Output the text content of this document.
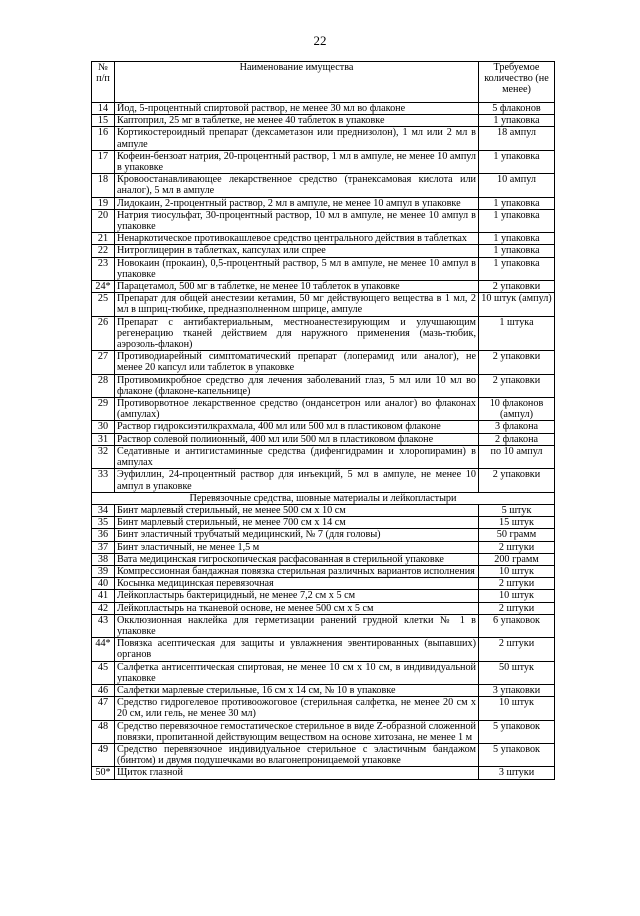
22
№ п/п	Наименование имущества	Требуемое количество (не менее)
14	Йод, 5-процентный спиртовой раствор, не менее 30 мл во флаконе	5 флаконов
15	Каптоприл, 25 мг в таблетке, не менее 40 таблеток в упаковке	1 упаковка
16	Кортикостероидный препарат (дексаметазон или преднизолон), 1 мл или 2 мл в ампуле	18 ампул
17	Кофеин-бензоат натрия, 20-процентный раствор, 1 мл в ампуле, не менее 10 ампул в упаковке	1 упаковка
18	Кровоостанавливающее лекарственное средство (транексамовая кислота или аналог), 5 мл в ампуле	10 ампул
19	Лидокаин, 2-процентный раствор, 2 мл в ампуле, не менее 10 ампул в упаковке	1 упаковка
20	Натрия тиосульфат, 30-процентный раствор, 10 мл в ампуле, не менее 10 ампул в упаковке	1 упаковка
21	Ненаркотическое противокашлевое средство центрального действия в таблетках	1 упаковка
22	Нитроглицерин в таблетках, капсулах или спрее	1 упаковка
23	Новокаин (прокаин), 0,5-процентный раствор, 5 мл в ампуле, не менее 10 ампул в упаковке	1 упаковка
24*	Парацетамол, 500 мг в таблетке, не менее 10 таблеток в упаковке	2 упаковки
25	Препарат для общей анестезии кетамин, 50 мг действующего вещества в 1 мл, 2 мл в шприц-тюбике, предназполненном шприце, ампуле	10 штук (ампул)
26	Препарат с антибактериальным, местноанестезирующим и улучшающим регенерацию тканей действием для наружного применения (мазь-тюбик, аэрозоль-флакон)	1 штука
27	Противодиарейный симптоматический препарат (лоперамид или аналог), не менее 20 капсул или таблеток в упаковке	2 упаковки
28	Противомикробное средство для лечения заболеваний глаз, 5 мл или 10 мл во флаконе (флаконе-капельнице)	2 упаковки
29	Противорвотное лекарственное средство (ондансетрон или аналог) во флаконах (ампулах)	10 флаконов (ампул)
30	Раствор гидроксиэтилкрахмала, 400 мл или 500 мл в пластиковом флаконе	3 флакона
31	Раствор солевой полиионный, 400 мл или 500 мл в пластиковом флаконе	2 флакона
32	Седативные и антигистаминные средства (дифенгидрамин и хлоропирамин) в ампулах	по 10 ампул
33	Эуфиллин, 24-процентный раствор для инъекций, 5 мл в ампуле, не менее 10 ампул в упаковке	2 упаковки
Перевязочные средства, шовные материалы и лейкопластыри		
34	Бинт марлевый стерильный, не менее 500 см х 10 см	5 штук
35	Бинт марлевый стерильный, не менее 700 см х 14 см	15 штук
36	Бинт эластичный трубчатый медицинский, № 7 (для головы)	50 грамм
37	Бинт эластичный, не менее 1,5 м	2 штуки
38	Вата медицинская гигроскопическая расфасованная в стерильной упаковке	200 грамм
39	Компрессионная бандажная повязка стерильная различных вариантов исполнения	10 штук
40	Косынка медицинская перевязочная	2 штуки
41	Лейкопластырь бактерицидный, не менее 7,2 см х 5 см	10 штук
42	Лейкопластырь на тканевой основе, не менее 500 см х 5 см	2 штуки
43	Окклюзионная наклейка для герметизации ранений грудной клетки № 1 в упаковке	6 упаковок
44*	Повязка асептическая для защиты и увлажнения эвентированных (выпавших) органов	2 штуки
45	Салфетка антисептическая спиртовая, не менее 10 см х 10 см, в индивидуальной упаковке	50 штук
46	Салфетки марлевые стерильные, 16 см х 14 см, № 10 в упаковке	3 упаковки
47	Средство гидрогелевое противоожоговое (стерильная салфетка, не менее 20 см х 20 см, или гель, не менее 30 мл)	10 штук
48	Средство перевязочное гемостатическое стерильное в виде Z-образной сложенной повязки, пропитанной действующим веществом на основе хитозана, не менее 1 м	5 упаковок
49	Средство перевязочное индивидуальное стерильное с эластичным бандажом (бинтом) и двумя подушечками во влагонепроницаемой упаковке	5 упаковок
50*	Щиток глазной	3 штуки
